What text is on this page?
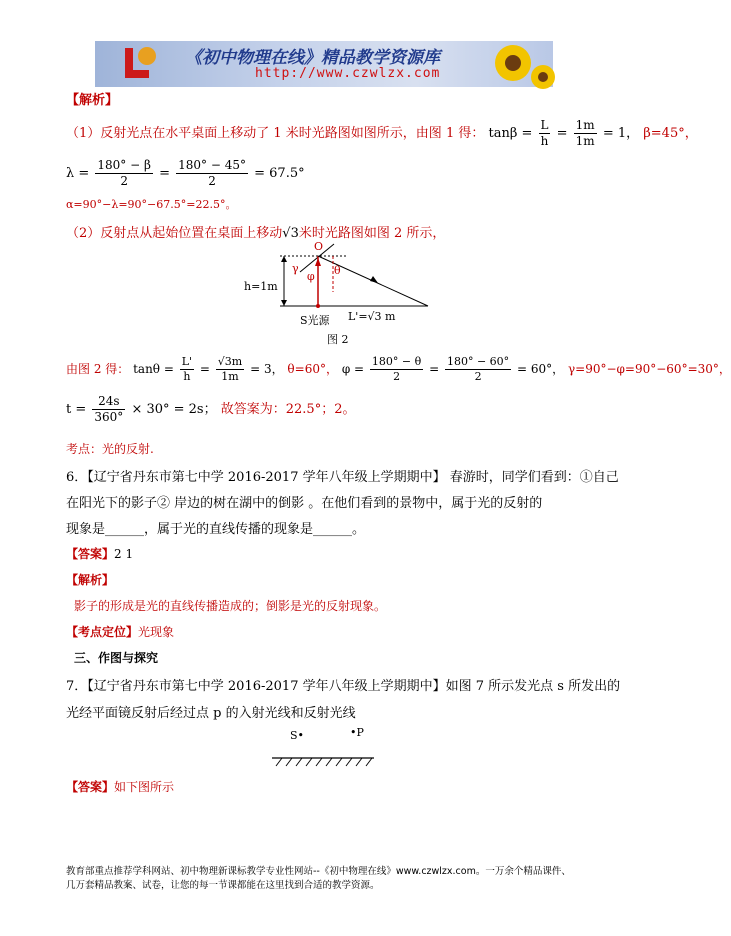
《初中物理在线》精品教学资源库
http://www.czwlzx.com
【解析】
（1）反射光点在水平桌面上移动了 1 米时光路图如图所示，由图 1 得： $\tan\beta = \frac{L}{h} = \frac{1m}{1m} = 1$， β=45°，
$\lambda = \frac{180^\circ - \beta}{2} = \frac{180^\circ - 45^\circ}{2} = 67.5^\circ$
α=90°−λ=90°−67.5°=22.5°。
（2）反射点从起始位置在桌面上移动√3米时光路图如图 2 所示，
O
γ
φ θ
h=1m
S光源 L'=√3 m
图 2
由图 2 得： $\tan\theta = \frac{L'}{h} = \frac{√3m}{1m} = 3$， θ=60°， $\varphi = \frac{180^\circ - \theta}{2} = \frac{180^\circ - 60^\circ}{2} = 60^\circ$， γ=90°−φ=90°−60°=30°，
$t = \frac{24s}{360^\circ} \times 30^\circ = 2s$； 故答案为：22.5°；2。
考点：光的反射.
6．【辽宁省丹东市第七中学 2016-2017 学年八年级上学期期中】 春游时，同学们看到：①自己
在阳光下的影子② 岸边的树在湖中的倒影 。在他们看到的景物中，属于光的反射的
现象是______，属于光的直线传播的现象是______。
【答案】2 1
【解析】
影子的形成是光的直线传播造成的；倒影是光的反射现象。
【考点定位】光现象
三、作图与探究
7．【辽宁省丹东市第七中学 2016-2017 学年八年级上学期期中】如图 7 所示发光点 s 所发出的
光经平面镜反射后经过点 p 的入射光线和反射光线
S•	•P
【答案】如下图所示
教育部重点推荐学科网站、初中物理新课标教学专业性网站--《初中物理在线》www.czwlzx.com。一万余个精品课件、
几万套精品教案、试卷，让您的每一节课都能在这里找到合适的教学资源。
